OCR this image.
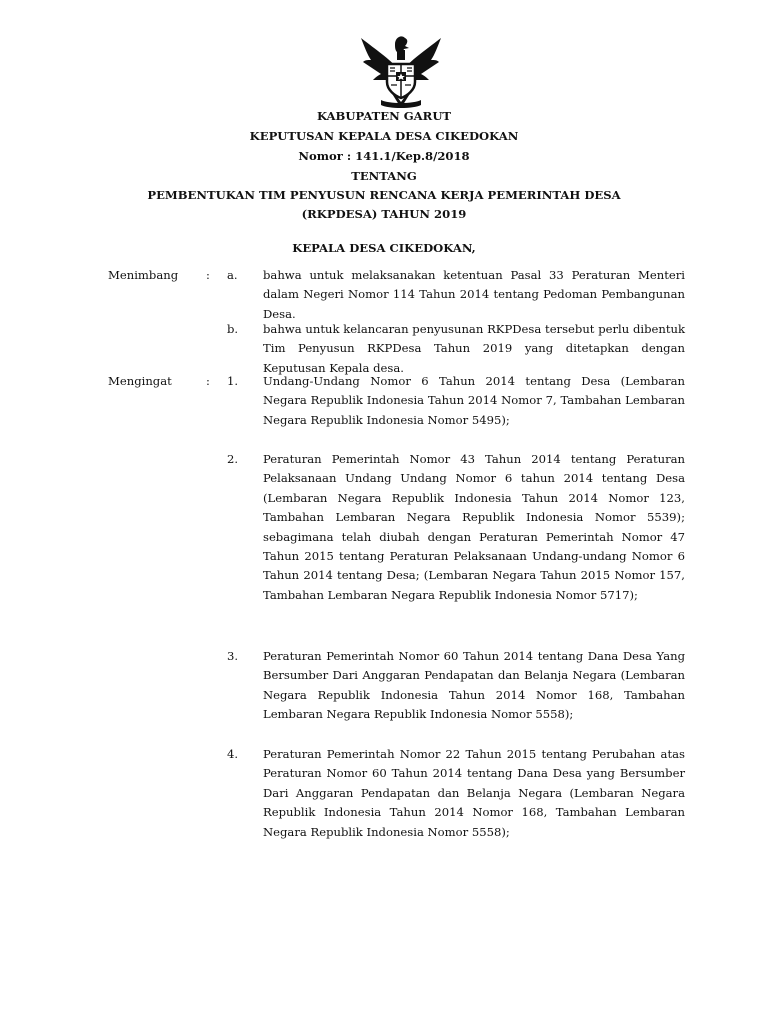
KABUPATEN GARUT
KEPUTUSAN KEPALA DESA CIKEDOKAN
Nomor : 141.1/Kep.8/2018
TENTANG
PEMBENTUKAN TIM PENYUSUN RENCANA KERJA PEMERINTAH DESA
(RKPDESA) TAHUN 2019
KEPALA DESA CIKEDOKAN,
Menimbang : a. bahwa untuk melaksanakan ketentuan Pasal 33 Peraturan Menteri dalam Negeri Nomor 114 Tahun 2014 tentang Pedoman Pembangunan Desa.
b. bahwa untuk kelancaran penyusunan RKPDesa tersebut perlu dibentuk Tim Penyusun RKPDesa Tahun 2019 yang ditetapkan dengan Keputusan Kepala desa.
Mengingat	: 1. Undang-Undang Nomor 6 Tahun 2014 tentang Desa (Lembaran Negara Republik Indonesia Tahun 2014 Nomor 7, Tambahan Lembaran Negara Republik Indonesia Nomor 5495);
2. Peraturan Pemerintah Nomor 43 Tahun 2014 tentang Peraturan Pelaksanaan Undang Undang Nomor 6 tahun 2014 tentang Desa (Lembaran Negara Republik Indonesia Tahun 2014 Nomor 123, Tambahan Lembaran Negara Republik Indonesia Nomor 5539); sebagimana telah diubah dengan Peraturan Pemerintah Nomor 47 Tahun 2015 tentang Peraturan Pelaksanaan Undang-undang Nomor 6 Tahun 2014 tentang Desa; (Lembaran Negara Tahun 2015 Nomor 157, Tambahan Lembaran Negara Republik Indonesia Nomor 5717);
3. Peraturan Pemerintah Nomor 60 Tahun 2014 tentang Dana Desa Yang Bersumber Dari Anggaran Pendapatan dan Belanja Negara (Lembaran Negara Republik Indonesia Tahun 2014 Nomor 168, Tambahan Lembaran Negara Republik Indonesia Nomor 5558);
4. Peraturan Pemerintah Nomor 22 Tahun 2015 tentang Perubahan atas Peraturan Nomor 60 Tahun 2014 tentang Dana Desa yang Bersumber Dari Anggaran Pendapatan dan Belanja Negara (Lembaran Negara Republik Indonesia Tahun 2014 Nomor 168, Tambahan Lembaran Negara Republik Indonesia Nomor 5558);
